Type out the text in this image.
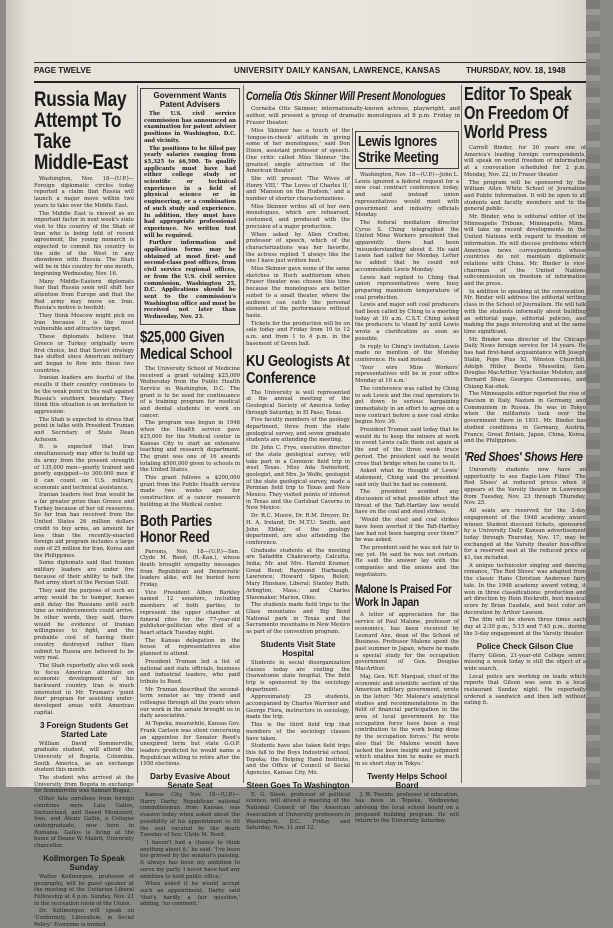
PAGE TWELVE	UNIVERSITY DAILY KANSAN, LAWRENCE, KANSAS	THURSDAY, NOV. 18, 1948
Russia May Attempt To Take Middle-East

Washington, Nov. 18—(U.P.)—Foreign diplomatic circles today reported a claim that Russia will launch a major move within two years to take over the Middle East.

The Middle East is viewed as an important factor in next week's state visit to this country of the Shah of Iran who is being told of recent agreement, the young monarch is expected to commit his country to the side of the West in any showdown with Russia. The Shah will be in this country for one month, beginning Wednesday, Nov. 16.

Many Middle-Eastern diplomats fear that Russia soon will shift her attention from Europe and that the Red army may move on Iran. Russia's motive is twofold:

They think Moscow might pick on Iran because it is the most vulnerable and attractive target.

These diplomats believe that Greece or Turkey originally were first choice, but that Soviet strategy has shifted since American military aid began to flow into those two countries.

Iranian leaders are fearful of the results if their country continues to be the weak point in the wall against Russia's southern boundary. They think this situation is an invitation to aggression.

The Shah is expected to stress that point in talks with President Truman and Secretary of State Dean Acheson.

It is expected that Iran simultaneously may offer to build up its army from the present strength of 135,000 men—poorly trained and poorly equipped—to 300,000 men if it can count on U.S. military, economic and technical assistance.

Iranian leaders feel Iran would be a far greater prize than Greece and Turkey because of her oil resources. So far Iran has received from the United States 26 million dollars credit to buy arms, an amount far less than the recently-enacted foreign aid program includes a large sum of 25 million for Iran, Korea and the Philippines.

Some diplomats said that Iranian military leaders are under fire because of their ability to halt the Red army short of the Persian Gulf.

They said the purpose of such an army would be to hamper, harass and delay the Russians until such time as reinforcements could arrive. In other words, they said, there would be evidence of Iranian willingness to fight, and the probable cost of having their country destroyed rather than submit to Russia are believed to be very real.

The Shah reportedly also will seek to focus American attention on economic development of his backward country. Iran is much interested in Mr. Truman's 'point four' program for assisting under-developed areas with American capital.

3 Foreign Students Get Started Late

William David Sommerville, graduate student, will attend the University of Bogota, Colombia, South America, as an exchange student this month.

The student who arrived at the University from Bogota in exchange for Sommerville was Samuel Bugaz.

Other late enrollees from foreign countries were Luis Gallos, Switzerland, and Saeed Montazeri, Iran, and Alexis Gallin, a Cologne undergraduate, now here in Romania. Gallos is living at the home of Deane W. Malott, University chancellor.

Kollmorgen To Speak Sunday

Walter Kollmorgen, professor of geography, will be guest speaker at the meeting of the Unitarian Liberal Fellowship at 4 p.m. Sunday, Nov. 21 in the recreation room of the Union.

Dr. Kollmorgen will speak on 'Conformity, Liberalism, in Social Policy.' Everyone is invited.

Government Wants Patent Advisers

The U.S. civil service commission has announced an examination for patent adviser positions in Washington, D.C. and vicinity.

The positions to be filled pay yearly salaries ranging from $5,325 to $6,500. To qualify applicants must have had either college study or scientific or technical experience in a field of physical science or in engineering, or a combination of such study and experience. In addition, they must have had appropriate professional experience. No written test will be required.

Further information and application forms may be obtained at most first- and second-class post offices, from civil service regional offices, or from the U.S. civil service commission, Washington 25, D.C. Applications should be sent to the commission's Washington office and must be received not later than Wednesday, Nov. 23.

$25,000 Given Medical School

The University School of Medicine received a grant totaling $25,000 Wednesday from the Public Health Service in Washington, D.C. The grant is to be used for continuance of a training program for medical and dental students in work on cancer.

The program was begun in 1946 when the Health service gave $25,000 for the Medical center in Kansas City to start an extensive teaching and research department. The grant was one of 16 awards totaling $500,000 given to schools in the United States.

This grant follows a $200,000 grant from the Public Health service made two weeks ago for construction of a cancer research building at the Medical center.

Both Parties Honor Reed

Parsons, Nov. 18—(U.P.)—Sen. Clyde M. Reed, (R.-Kan.), whose death brought sympathy messages from Republican and Democratic leaders alike, will be buried here Friday.

Vice President Alben Barkley named 12 senators, including members of both parties, to represent the upper chamber at funeral rites for the 77-year-old publisher-politician who died of a heart attack Tuesday night.

The Kansas delegation in the house of representatives also planned to attend.

President Truman led a list of national and state officials, business and industrial leaders, who paid tribute to Reed.

Mr. Truman described the second-term senator as 'my friend and colleague through all the years when our work in the senate brought us in daily association.'

At Topeka, meanwhile, Kansas Gov. Frank Carlson was silent concerning an appointee for Senator Reed's unexpired term but state G.O.P. leaders predicted he would name a Republican willing to retire after the 1950 elections.

Darby Evasive About Senate Seat

Kansas City, Nov. 18—(U.P.)—Harry Darby, Republican national committeeman from Kansas, was evasive today when asked about the possibility of his appointment to fill the seat vacated by the death Tuesday of Sen. Clyde M. Reed.

'I haven't had a chance to think anything about it,' he said. 'I've been too grieved by the senator's passing. It always has been my ambition to serve my party. I never have had any ambition to hold public office.'

When asked if he would accept such an appointment, Darby said 'that's hardly a fair question,' adding, 'no comment.'

Cornelia Otis Skinner Will Present Monologues

Cornelia Otis Skinner, internationally-known actress, playwright, and author, will present a group of dramatic monologues at 8 p.m. Friday in Fraser theater.

Miss Skinner has a touch of the 'tongue-in-cheek' attitude in giving some of her monologues,' said Don Dixon, assistant professor of speech. One critic called Miss Skinner 'the greatest single attraction of the American theater.'

She will present 'The Wives of Henry VIII,' 'The Loves of Charles II,' and 'Mansion on the Hudson,' and a number of shorter characterizations.

Miss Skinner writes all of her own monologues, which are rehearsed, costumed, and produced with the precision of a major production.

When asked by Allen Crafton, professor of speech, which of the characterizations was her favorite, the actress replied 'I always like the one I have just written best.'

Miss Skinner gave some of the same sketches in Hoch auditorium when Fraser theater was chosen this time because the monologues are better suited to a small theater, where the audience can catch the personal element of the performance without haste.

Tickets for the production will be on sale today and Friday from 10 to 12 a.m. and from 1 to 4 p.m. in the basement of Green hall.

KU Geologists At Conference

The University is well represented at the annual meeting of the Geological Society of America today through Saturday, in El Paso, Texas.

Five faculty members of the geology department, three from the state geological survey, and seven graduate students are attending the meeting.

Dr. John C. Frye, executive director of the state geological survey, will take part in a Cenozoic field trip in west Texas. Miss Ada Swineford, geologist, and Mrs. Jo Wolfe, geologist of the state geological survey, made a Permian field trip to Texas and New Mexico. They visited points of interest in Texas and the Carlsbad Caverns in New Mexico.

Dr. R.C. Moore, Dr. R.M. Dreyer, Dr. H. A. Ireland, Dr. M.T.U. Smith, and John Ebber, of the geology department, are also attending the conference.

Graduate students at the meeting are Safaddin Chakravorty, Calcutta, India; Mr. and Mrs. Harold Kramer, Great Bend; Raymond Harbaugh, Lawrence; Howard Sipes, Beloit; Mary Hinshaw, Liberal; Stanley Ruth, Arlington, Mass.; and Charles Shoemaker, Marion, Ohio.

The students made field trips to the Glass mountains and Big Bend National park in Texas and the Sacramento mountains in New Mexico as part of the convention program.

Students Visit State Hospital

Students in social disorganization classes today are visiting the Osawatomie state hospital. The field trip is sponsored by the sociology department.

Approximately 25 students, accompanied by Charles Warriner and George Flora, instructors in sociology, made the trip.

This is the third field trip that members of the sociology classes have taken.

Students have also taken field trips this fall to the Boys Industrial school, Topeka; the Helping Hand Institute, and the Office of Council of Social Agencies, Kansas City, Mo.

Steen Goes To Washington

E. G. Steen, professor of political science, will attend a meeting of the National Council of the American Association of University professors in Washington, D.C., Friday and Saturday, Nov. 11 and 12.

Lewis Ignores Strike Meeting

Washington, Nov. 18—(U.P.)—John L. Lewis ignored a federal request for a new coal contract conference today, and said instead union representatives would meet with government and industry officials Monday.

The federal mediation director Cyrus S. Ching telegraphed the United Mine Workers president that apparently there had been 'misunderstanding' about it. He said Lewis had called for Monday. Letter he added that he could not accommodate Lewis Monday.

Lewis had replied to Ching that union representatives were busy preparing maximum temperature of coal production.

Lewis and major soft coal producers had been called by Ching to a meeting today at 10 a.m. C.S.T. Ching asked the producers to 'stand by' until Lewis wrote a clarification as soon as possible.

In reply to Ching's invitation, Lewis made no mention of the Monday conference. He said instead:

'Your wire Mine Workers' representatives will be in your office Monday at 10 a.m.'

The conference was called by Ching to ask Lewis and the coal operators to get down to serious bargaining immediately in an effort to agree on a new contract before a new coal strike begins Nov. 30.

President Truman said today that he would do to keep the miners at work in event Lewis calls them out again at the end of the three week truce period. The president said he would cross that bridge when he came to it.

Asked what he thought of Lewis' statement, Ching said the president said only that he had no comment.

The president avoided any discussion of what possible effect the threat of the Taft-Hartley law would have on the coal and steel strikes.

'Would the steel and coal strikes have been averted if the Taft-Hartley law had not been hanging over them?' he was asked.

The president said he was not fair to say yet. He said he was not certain. He said the answer lay with the companies and the unions and the negotiators.

Malone Is Praised For Work In Japan

A letter of appreciation for the service of Paul Malone, professor of economics, has been received by Leonard Axe, dean of the School of Business. Professor Malone spent the past summer in Japan, where he made a special study for the occupation government of Gen. Douglas MacArthur.

Maj. Gen. W.F. Marquat, chief of the economic and scientific section of the American military government, wrote in the letter: 'Mr. Malone's analytical studies and recommendations in the field of financial participation in the area of local government by the occupation force have been a real contribution to the work being done by the occupation forces.' He wrote also that Dr. Malone would have lacked the keen insight and judgment which enables him to make so much in so short stay in Tokyo.'

Twenty Helps School Board

J. W. Twente, professor of education, has been in Topeka, Wednesday advising the local school board on a proposed building program. He will return to the University Saturday.

Editor To Speak On Freedom Of World Press

Carroll Binder, for 30 years one of America's leading foreign correspondents, will speak on world freedom of information at a convocation scheduled for 2 p.m. Monday, Nov. 22, in Fraser theater.

The program will be sponsored by the William Allen White School of Journalism and Public Information. It will be open to all students and faculty members and to the general public.

Mr. Binder, who is editorial editor of the Minneapolis Tribune, Minneapolis, Minn., will take up recent developments in the United Nations with regard to freedom of information. He will discuss problems which American news correspondents whose countries do not maintain diplomatic relations with China. Mr. Binder is vice-chairman of the United Nations subcommission on freedom of information and the press.

In addition to speaking at the convocation, Mr. Binder will address the editorial writing class in the School of Journalism. He will talk with the students informally about building an editorial page, editorial policies, and making the page interesting and at the same time significant.

Mr. Binder was director of the Chicago Daily News foreign service for 14 years. He has had first-hand acquaintance with Joseph Stalin, Pope Pius XI, Winston Churchill, Adolph Hitler, Benito Mussolini, Gen. Douglas MacArthur, Vyacheslav Molotov, and Bernard Shaw, Georges Clemenceau, and Chiang Kai-shek.

The Minneapolis editor reported the rise of Fascism in Italy, Nazism in Germany, and Communism in Russia. He was in Tokyo when the militarists took over the government there in 1931. Mr. Binder has studied conditions in Germany, Austria, France, Great Britain, Japan, China, Korea, and the Philippines.

'Red Shoes' Shows Here

University students now have an opportunity to see Eagle-Lion Films' 'The Red Shoes' at reduced prices when it appears at the Varsity theater in Lawrence from Tuesday, Nov. 23 through Thursday, Nov. 25.

All seats are reserved for the 2-day engagement of the 1948 academy award winner. Student discount tickets, sponsored by a University Daily Kansan advertisement today through Thursday, Nov. 17, may be exchanged at the Varsity theater box-office for a reserved seat at the reduced price of $1, tax included.

A unique technicolor singing and dancing romance, 'The Red Shoes' was adapted from the classic Hans Christian Andersen fairy tale. In the 1948 academy award voting, it won in three classifications: production and art direction by Hein Heckroth, best musical score by Brian Easdale, and best color art decoration by Arthur Lawson.

The film will be shown three times each day at 2:30 p.m., 5:15 and 7:45 p.m., during the 3-day engagement at the Varsity theater.

Police Check Gilson Clue

Harry Gilson, 21-year-old College senior, missing a week today is still the object of a wide search.

Local police are working on leads which reports that Gilson was seen in a local restaurant Sunday night. He reportedly ordered a sandwich and then left without eating it.
